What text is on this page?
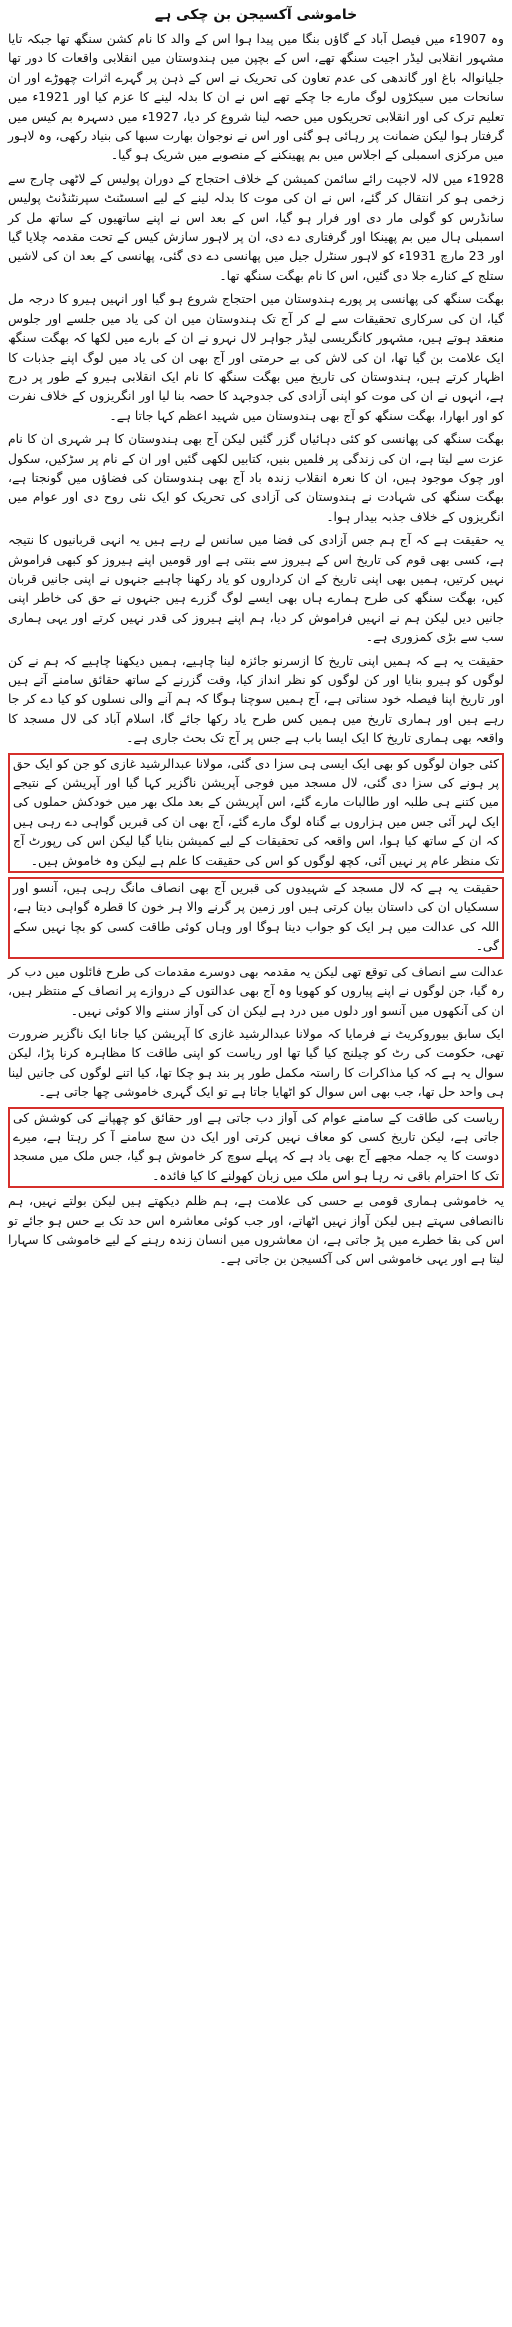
خاموشی آکسیجن بن چکی ہے

وہ 1907ء میں فیصل آباد کے گاؤں بنگا میں پیدا ہوا اس کے والد کا نام کشن سنگھ تھا جبکہ تایا مشہور انقلابی لیڈر اجیت سنگھ تھے، اس کے بچپن میں ہندوستان میں انقلابی واقعات کا دور تھا جلیانوالہ باغ اور گاندھی کی عدم تعاون کی تحریک نے اس کے ذہن پر گہرے اثرات چھوڑے اور ان سانحات میں سیکڑوں لوگ مارے جا چکے تھے اس نے ان کا بدلہ لینے کا عزم کیا اور 1921ء میں تعلیم ترک کی اور انقلابی تحریکوں میں حصہ لینا شروع کر دیا، 1927ء میں دسہرہ بم کیس میں گرفتار ہوا لیکن ضمانت پر رہائی ہو گئی اور اس نے نوجوان بھارت سبھا کی بنیاد رکھی، وہ لاہور میں مرکزی اسمبلی کے اجلاس میں بم پھینکنے کے منصوبے میں شریک ہو گیا۔

1928ء میں لالہ لاجپت رائے سائمن کمیشن کے خلاف احتجاج کے دوران پولیس کے لاٹھی چارج سے زخمی ہو کر انتقال کر گئے، اس نے ان کی موت کا بدلہ لینے کے لیے اسسٹنٹ سپرنٹنڈنٹ پولیس سانڈرس کو گولی مار دی اور فرار ہو گیا، اس کے بعد اس نے اپنے ساتھیوں کے ساتھ مل کر اسمبلی ہال میں بم پھینکا اور گرفتاری دے دی، ان پر لاہور سازش کیس کے تحت مقدمہ چلایا گیا اور 23 مارچ 1931ء کو لاہور سنٹرل جیل میں پھانسی دے دی گئی، پھانسی کے بعد ان کی لاشیں ستلج کے کنارے جلا دی گئیں، اس کا نام بھگت سنگھ تھا۔

بھگت سنگھ کی پھانسی پر پورے ہندوستان میں احتجاج شروع ہو گیا اور انہیں ہیرو کا درجہ مل گیا، ان کی سرکاری تحقیقات سے لے کر آج تک ہندوستان میں ان کی یاد میں جلسے اور جلوس منعقد ہوتے ہیں، مشہور کانگریسی لیڈر جواہر لال نہرو نے ان کے بارے میں لکھا کہ بھگت سنگھ ایک علامت بن گیا تھا، ان کی لاش کی بے حرمتی اور آج بھی ان کی یاد میں لوگ اپنے جذبات کا اظہار کرتے ہیں، ہندوستان کی تاریخ میں بھگت سنگھ کا نام ایک انقلابی ہیرو کے طور پر درج ہے، انہوں نے ان کی موت کو اپنی آزادی کی جدوجہد کا حصہ بنا لیا اور انگریزوں کے خلاف نفرت کو اور ابھارا، بھگت سنگھ کو آج بھی ہندوستان میں شہید اعظم کہا جاتا ہے۔

بھگت سنگھ کی پھانسی کو کئی دہائیاں گزر گئیں لیکن آج بھی ہندوستان کا ہر شہری ان کا نام عزت سے لیتا ہے، ان کی زندگی پر فلمیں بنیں، کتابیں لکھی گئیں اور ان کے نام پر سڑکیں، سکول اور چوک موجود ہیں، ان کا نعرہ انقلاب زندہ باد آج بھی ہندوستان کی فضاؤں میں گونجتا ہے، بھگت سنگھ کی شہادت نے ہندوستان کی آزادی کی تحریک کو ایک نئی روح دی اور عوام میں انگریزوں کے خلاف جذبہ بیدار ہوا۔

یہ حقیقت ہے کہ آج ہم جس آزادی کی فضا میں سانس لے رہے ہیں یہ انہی قربانیوں کا نتیجہ ہے، کسی بھی قوم کی تاریخ اس کے ہیروز سے بنتی ہے اور قومیں اپنے ہیروز کو کبھی فراموش نہیں کرتیں، ہمیں بھی اپنی تاریخ کے ان کرداروں کو یاد رکھنا چاہیے جنہوں نے اپنی جانیں قربان کیں، بھگت سنگھ کی طرح ہمارے ہاں بھی ایسے لوگ گزرے ہیں جنہوں نے حق کی خاطر اپنی جانیں دیں لیکن ہم نے انہیں فراموش کر دیا، ہم اپنے ہیروز کی قدر نہیں کرتے اور یہی ہماری سب سے بڑی کمزوری ہے۔

حقیقت یہ ہے کہ ہمیں اپنی تاریخ کا ازسرنو جائزہ لینا چاہیے، ہمیں دیکھنا چاہیے کہ ہم نے کن لوگوں کو ہیرو بنایا اور کن لوگوں کو نظر انداز کیا، وقت گزرنے کے ساتھ حقائق سامنے آتے ہیں اور تاریخ اپنا فیصلہ خود سناتی ہے، آج ہمیں سوچنا ہوگا کہ ہم آنے والی نسلوں کو کیا دے کر جا رہے ہیں اور ہماری تاریخ میں ہمیں کس طرح یاد رکھا جائے گا، اسلام آباد کی لال مسجد کا واقعہ بھی ہماری تاریخ کا ایک ایسا باب ہے جس پر آج تک بحث جاری ہے۔

کئی جوان لوگوں کو بھی ایک ایسی ہی سزا دی گئی، مولانا عبدالرشید غازی کو جن کو ایک حق پر ہونے کی سزا دی گئی، لال مسجد میں فوجی آپریشن ناگزیر کہا گیا اور آپریشن کے نتیجے میں کتنے ہی طلبہ اور طالبات مارے گئے، اس آپریشن کے بعد ملک بھر میں خودکش حملوں کی ایک لہر آئی جس میں ہزاروں بے گناہ لوگ مارے گئے، آج بھی ان کی قبریں گواہی دے رہی ہیں کہ ان کے ساتھ کیا ہوا، اس واقعہ کی تحقیقات کے لیے کمیشن بنایا گیا لیکن اس کی رپورٹ آج تک منظر عام پر نہیں آئی، کچھ لوگوں کو اس کی حقیقت کا علم ہے لیکن وہ خاموش ہیں۔

حقیقت یہ ہے کہ لال مسجد کے شہیدوں کی قبریں آج بھی انصاف مانگ رہی ہیں، آنسو اور سسکیاں ان کی داستان بیان کرتی ہیں اور زمین پر گرنے والا ہر خون کا قطرہ گواہی دیتا ہے، اللہ کی عدالت میں ہر ایک کو جواب دینا ہوگا اور وہاں کوئی طاقت کسی کو بچا نہیں سکے گی۔

عدالت سے انصاف کی توقع تھی لیکن یہ مقدمہ بھی دوسرے مقدمات کی طرح فائلوں میں دب کر رہ گیا، جن لوگوں نے اپنے پیاروں کو کھویا وہ آج بھی عدالتوں کے دروازے پر انصاف کے منتظر ہیں، ان کی آنکھوں میں آنسو اور دلوں میں درد ہے لیکن ان کی آواز سننے والا کوئی نہیں۔

ایک سابق بیوروکریٹ نے فرمایا کہ مولانا عبدالرشید غازی کا آپریشن کیا جانا ایک ناگزیر ضرورت تھی، حکومت کی رٹ کو چیلنج کیا گیا تھا اور ریاست کو اپنی طاقت کا مظاہرہ کرنا پڑا، لیکن سوال یہ ہے کہ کیا مذاکرات کا راستہ مکمل طور پر بند ہو چکا تھا، کیا اتنے لوگوں کی جانیں لینا ہی واحد حل تھا، جب بھی اس سوال کو اٹھایا جاتا ہے تو ایک گہری خاموشی چھا جاتی ہے۔

ریاست کی طاقت کے سامنے عوام کی آواز دب جاتی ہے اور حقائق کو چھپانے کی کوشش کی جاتی ہے، لیکن تاریخ کسی کو معاف نہیں کرتی اور ایک دن سچ سامنے آ کر رہتا ہے، میرے دوست کا یہ جملہ مجھے آج بھی یاد ہے کہ پہلے سوچ کر خاموش ہو گیا، جس ملک میں مسجد تک کا احترام باقی نہ رہا ہو اس ملک میں زبان کھولنے کا کیا فائدہ۔

یہ خاموشی ہماری قومی بے حسی کی علامت ہے، ہم ظلم دیکھتے ہیں لیکن بولتے نہیں، ہم ناانصافی سہتے ہیں لیکن آواز نہیں اٹھاتے، اور جب کوئی معاشرہ اس حد تک بے حس ہو جائے تو اس کی بقا خطرے میں پڑ جاتی ہے، ان معاشروں میں انسان زندہ رہنے کے لیے خاموشی کا سہارا لیتا ہے اور یہی خاموشی اس کی آکسیجن بن جاتی ہے۔
